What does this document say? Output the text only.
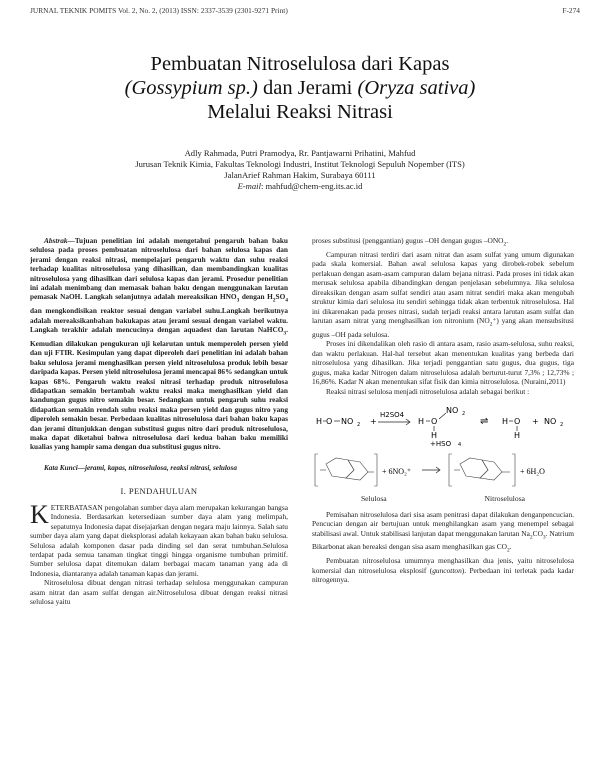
JURNAL TEKNIK POMITS Vol. 2, No. 2, (2013) ISSN: 2337-3539 (2301-9271 Print)	F-274
Pembuatan Nitroselulosa dari Kapas
(Gossypium sp.) dan Jerami (Oryza sativa)
Melalui Reaksi Nitrasi
Adly Rahmada, Putri Pramodya, Rr. Pantjawarni Prihatini, Mahfud
Jurusan Teknik Kimia, Fakultas Teknologi Industri, Institut Teknologi Sepuluh Nopember (ITS)
JalanArief Rahman Hakim, Surabaya 60111
E-mail: mahfud@chem-eng.its.ac.id
Abstrak—Tujuan penelitian ini adalah mengetahui pengaruh bahan baku selulosa pada proses pembuatan nitroselulosa dari bahan selulosa kapas dan jerami dengan reaksi nitrasi, mempelajari pengaruh waktu dan suhu reaksi terhadap kualitas nitroselulosa yang dihasilkan, dan membandingkan kualitas nitroselulosa yang dihasilkan dari selulosa kapas dan jerami. Prosedur penelitian ini adalah menimbang dan memasak bahan baku dengan menggunakan larutan pemasak NaOH. Langkah selanjutnya adalah mereaksikan $HNO_3$ dengan $H_2SO_4$ dan mengkondisikan reaktor sesuai dengan variabel suhu.Langkah berikutnya adalah mereaksikanbahan bakukapas atau jerami sesuai dengan variabel waktu. Langkah terakhir adalah mencucinya dengan aquadest dan larutan NaHCO$_3$. Kemudian dilakukan pengukuran uji kelarutan untuk memperoleh persen yield dan uji FTIR. Kesimpulan yang dapat diperoleh dari penelitian ini adalah bahan baku selulosa jerami menghasilkan persen yield nitroselulosa produk lebih besar daripada kapas. Persen yield nitroselulosa jerami mencapai 86% sedangkan untuk kapas 68%. Pengaruh waktu reaksi nitrasi terhadap produk nitroselulosa didapatkan semakin bertambah waktu reaksi maka menghasilkan yield dan kandungan gugus nitro semakin besar. Sedangkan untuk pengaruh suhu reaksi didapatkan semakin rendah suhu reaksi maka persen yield dan gugus nitro yang diperoleh semakin besar. Perbedaan kualitas nitroselulosa dari bahan baku kapas dan jerami ditunjukkan dengan substitusi gugus nitro dari produk nitroselulosa, maka dapat diketahui bahwa nitroselulosa dari kedua bahan baku memiliki kualias yang hampir sama dengan dua substitusi gugus nitro.
Kata Kunci—jerami, kapas, nitroselulosa, reaksi nitrasi, selulosa
I. PENDAHULUAN
KETERBATASAN pengolahan sumber daya alam merupakan kekurangan bangsa Indonesia. Berdasarkan ketersediaan sumber daya alam yang melimpah, sepatutnya Indonesia dapat disejajarkan dengan negara maju lainnya. Salah satu sumber daya alam yang dapat dieksplorasi adalah kekayaan akan bahan baku selulosa. Selulosa adalah komponen dasar pada dinding sel dan serat tumbuhan.Selulosa terdapat pada semua tanaman tingkat tinggi hingga organisme tumbuhan primitif. Sumber selulosa dapat ditemukan dalam berbagai macam tanaman yang ada di Indonesia, diantaranya adalah tanaman kapas dan jerami.
Nitroselulosa dibuat dengan nitrasi terhadap selulosa menggunakan campuran asam nitrat dan asam sulfat dengan air.Nitroselulosa dibuat dengan reaksi nitrasi selulosa yaitu
proses substitusi (penggantian) gugus –OH dengan gugus $-ONO_2$.
Campuran nitrasi terdiri dari asam nitrat dan asam sulfat yang umum digunakan pada skala komersial. Bahan awal selulosa kapas yang dirobek-robek sebelum perlakuan dengan asam-asam campuran dalam bejana nitrasi. Pada proses ini tidak akan merusak selulosa apabila dibandingkan dengan penjelasan sebelumnya. Jika selulosa direaksikan dengan asam sulfat sendiri atau asam nitrat sendiri maka akan mengubah struktur kimia dari selulosa itu sendiri sehingga tidak akan terbentuk nitroselulosa. Hal ini dikarenakan pada proses nitrasi, sudah terjadi reaksi antara larutan asam sulfat dan larutan asam nitrat yang menghasilkan ion nitronium $(NO_2^+)$ yang akan mensubsitusi gugus –OH pada selulosa.
Proses ini dikendalikan oleh rasio di antara asam, rasio asam-selulosa, suhu reaksi, dan waktu perlakuan. Hal-hal tersebut akan menentukan kualitas yang berbeda dari nitroselulosa yang dihasilkan. Jika terjadi penggantian satu gugus, dua gugus, tiga gugus, maka kadar Nitrogen dalam nitroselulosa adalah berturut-turut 7,3% ; 12,73% ; 16,86%. Kadar N akan menentukan sifat fisik dan kimia nitroselulosa. (Nuraini,2011)
Reaksi nitrasi selulosa menjadi nitroselulosa adalah sebagai berikut :
H O NO 2 +
H2SO4
H O
H
NO 2
+HSO 4
⇌ H O
H
+ NO 2
+ 6NO₂⁺	+ 6H₂O
Selulosa	Nitroselulosa
Pemisahan nitroselulosa dari sisa asam penitrasi dapat dilakukan denganpencucian. Pencucian dengan air bertujuan untuk menghilangkan asam yang menempel sebagai stabilisasi awal. Untuk stabilisasi lanjutan dapat menggunakan larutan $Na_2CO_3$. Natrium Bikarbonat akan bereaksi dengan sisa asam menghasilkan gas $CO_2$.
Pembuatan nitroselulosa umumnya menghasilkan dua jenis, yaitu nitroselulosa komersial dan nitroselulosa eksplosif (guncotton). Perbedaan ini terletak pada kadar nitrogennya.
